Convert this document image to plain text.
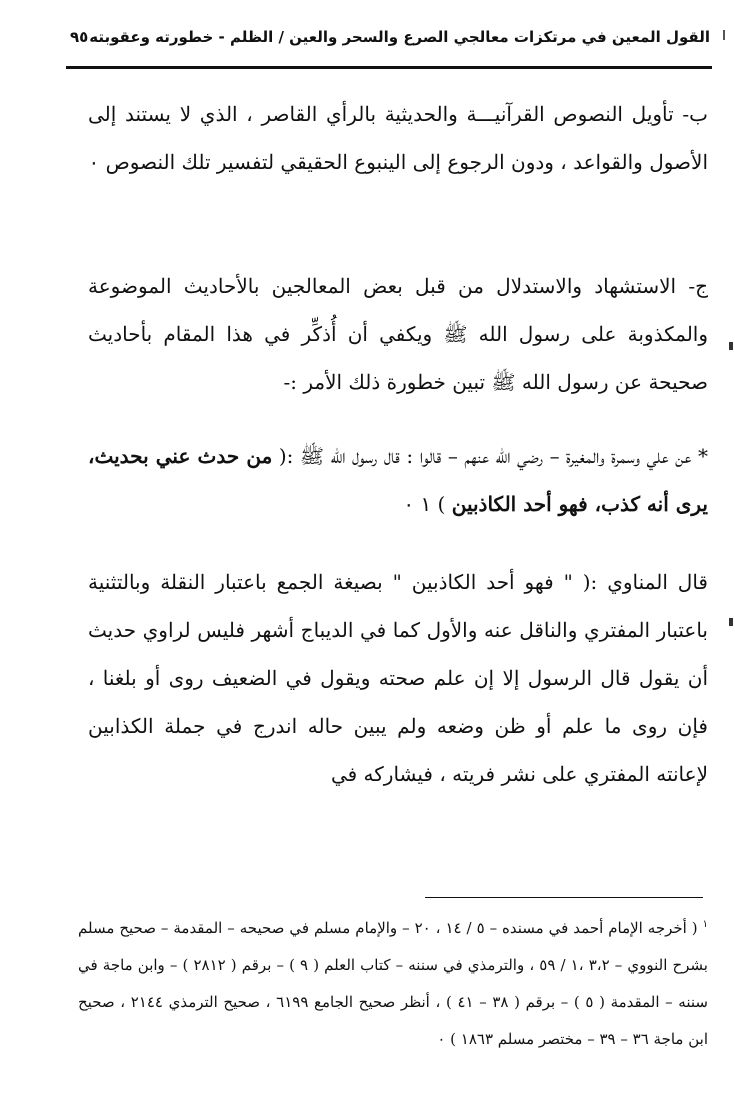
القول المعين في مرتكزات معالجي الصرع والسحر والعين / الظلم - خطورته وعقوبته
٩٥

ب- تأويل النصوص القرآنيـــة والحديثية بالرأي القاصر ، الذي لا يستند إلى الأصول والقواعد ، ودون الرجوع إلى الينبوع الحقيقي لتفسير تلك النصوص ٠

ج- الاستشهاد والاستدلال من قبل بعض المعالجين بالأحاديث الموضوعة والمكذوبة على رسول الله ﷺ ويكفي أن أُذكِّر في هذا المقام بأحاديث صحيحة عن رسول الله ﷺ تبين خطورة ذلك الأمر :-

* عن علي وسمرة والمغيرة – رضي الله عنهم – قالوا : قال رسول الله ﷺ :( من حدث عني بحديث، يرى أنه كذب، فهو أحد الكاذبين ) ١ ٠

قال المناوي :( " فهو أحد الكاذبين " بصيغة الجمع باعتبار النقلة وبالتثنية باعتبار المفتري والناقل عنه والأول كما في الديباج أشهر فليس لراوي حديث أن يقول قال الرسول إلا إن علم صحته ويقول في الضعيف روى أو بلغنا ، فإن روى ما علم أو ظن وضعه ولم يبين حاله اندرج في جملة الكذابين لإعانته المفتري على نشر فريته ، فيشاركه في

$^١$ ( أخرجه الإمام أحمد في مسنده – ٥ / ١٤ ، ٢٠ – والإمام مسلم في صحيحه – المقدمة – صحيح مسلم بشرح النووي – ٣،٢ ،١ / ٥٩ ، والترمذي في سننه – كتاب العلم ( ٩ ) – برقم ( ٢٨١٢ ) – وابن ماجة في سننه – المقدمة ( ٥ ) – برقم ( ٣٨ – ٤١ ) ، أنظر صحيح الجامع ٦١٩٩ ، صحيح الترمذي ٢١٤٤ ، صحيح ابن ماجة ٣٦ – ٣٩ – مختصر مسلم ١٨٦٣ ) ٠
